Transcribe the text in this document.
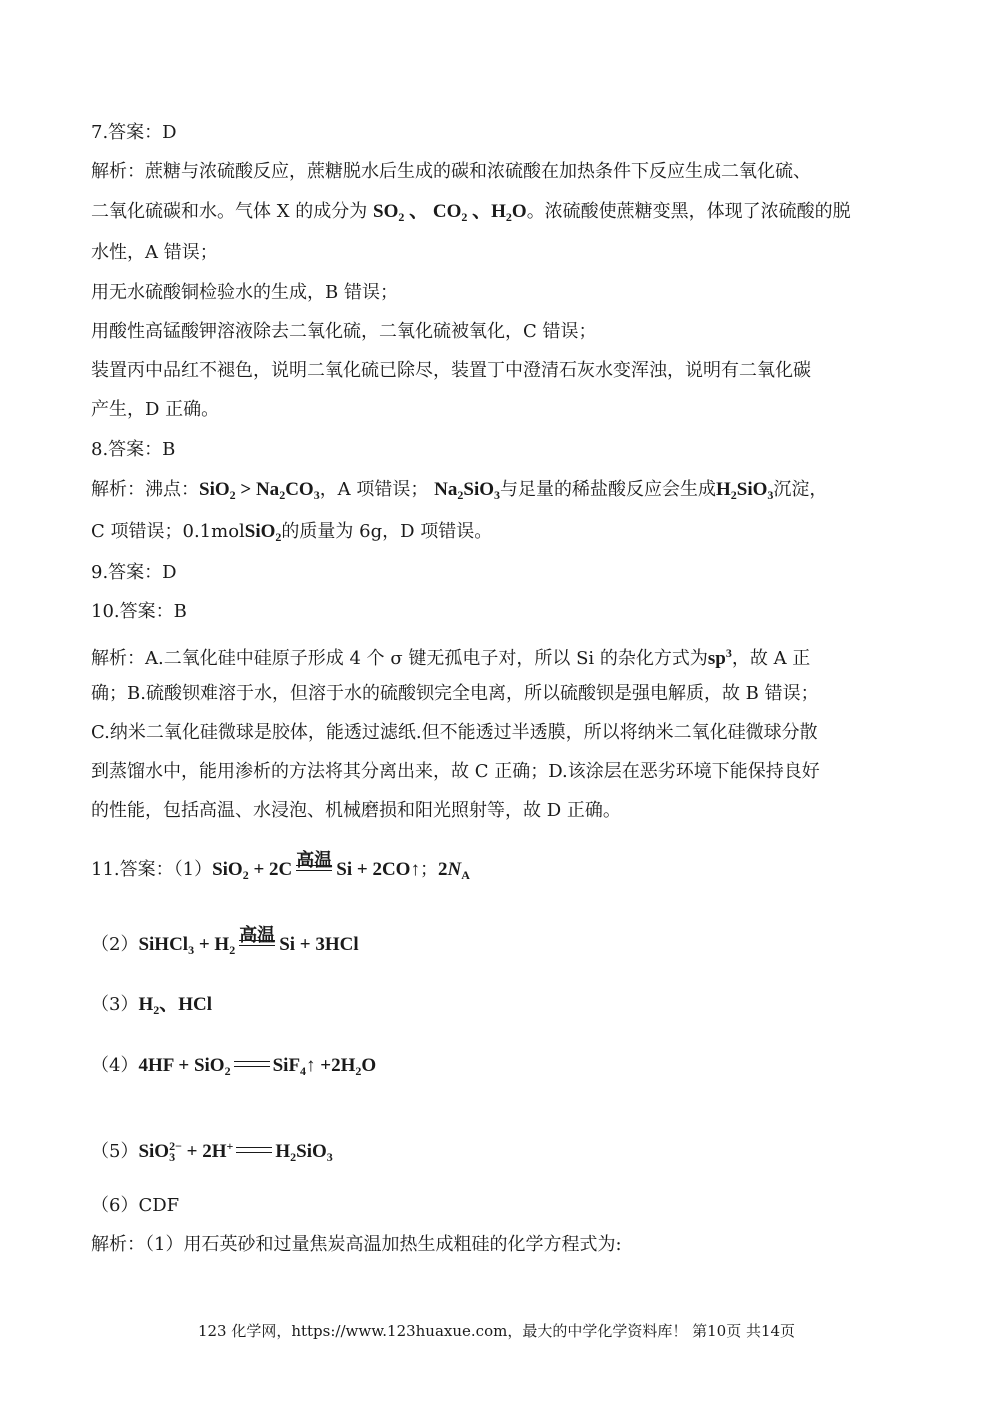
7.答案：D
解析：蔗糖与浓硫酸反应，蔗糖脱水后生成的碳和浓硫酸在加热条件下反应生成二氧化硫、
二氧化硫碳和水。气体 X 的成分为 $SO_2$ 、 $CO_2$ 、$H_2O$。浓硫酸使蔗糖变黑，体现了浓硫酸的脱
水性，A 错误；
用无水硫酸铜检验水的生成，B 错误；
用酸性高锰酸钾溶液除去二氧化硫，二氧化硫被氧化，C 错误；
装置丙中品红不褪色，说明二氧化硫已除尽，装置丁中澄清石灰水变浑浊，说明有二氧化碳
产生，D 正确。
8.答案：B
解析：沸点：$SiO_2 > Na_2CO_3$，A 项错误； $Na_2SiO_3$与足量的稀盐酸反应会生成$H_2SiO_3$沉淀，
C 项错误；0.1molSiO$_2$的质量为 6g，D 项错误。
9.答案：D
10.答案：B
解析：A.二氧化硅中硅原子形成 4 个 σ 键无孤电子对，所以 Si 的杂化方式为$sp^3$，故 A 正
确；B.硫酸钡难溶于水，但溶于水的硫酸钡完全电离，所以硫酸钡是强电解质，故 B 错误；
C.纳米二氧化硅微球是胶体，能透过滤纸.但不能透过半透膜，所以将纳米二氧化硅微球分散
到蒸馏水中，能用渗析的方法将其分离出来，故 C 正确；D.该涂层在恶劣环境下能保持良好
的性能，包括高温、水浸泡、机械磨损和阳光照射等，故 D 正确。
11.答案：（1）SiO$_2$ + 2C 高温 Si + 2CO↑；$2N_A$
（2）SiHCl$_3$ + $H_2$
高温 Si + 3HCl
$(3)H_2$、HCl
（4）4HF + SiO$_2$ SiF$_4$↑ $+2H_2O$
（5）SiO$_3^{2-}$ + 2H+ $H_2SiO_3$
（6）CDF
解析：（1）用石英砂和过量焦炭高温加热生成粗硅的化学方程式为:
123 化学网，https://www.123huaxue.com，最大的中学化学资料库！ 第10页 共14页
